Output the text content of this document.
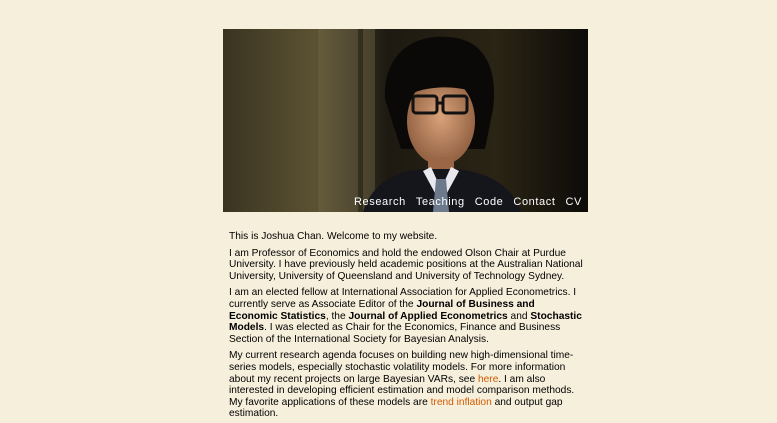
Research Teaching Code Contact CV

This is Joshua Chan. Welcome to my website.

I am Professor of Economics and hold the endowed Olson Chair at Purdue University. I have previously held academic positions at the Australian National University, University of Queensland and University of Technology Sydney.

I am an elected fellow at International Association for Applied Econometrics. I currently serve as Associate Editor of the Journal of Business and Economic Statistics, the Journal of Applied Econometrics and Stochastic Models. I was elected as Chair for the Economics, Finance and Business Section of the International Society for Bayesian Analysis.

My current research agenda focuses on building new high-dimensional time-series models, especially stochastic volatility models. For more information about my recent projects on large Bayesian VARs, see here. I am also interested in developing efficient estimation and model comparison methods. My favorite applications of these models are trend inflation and output gap estimation.
